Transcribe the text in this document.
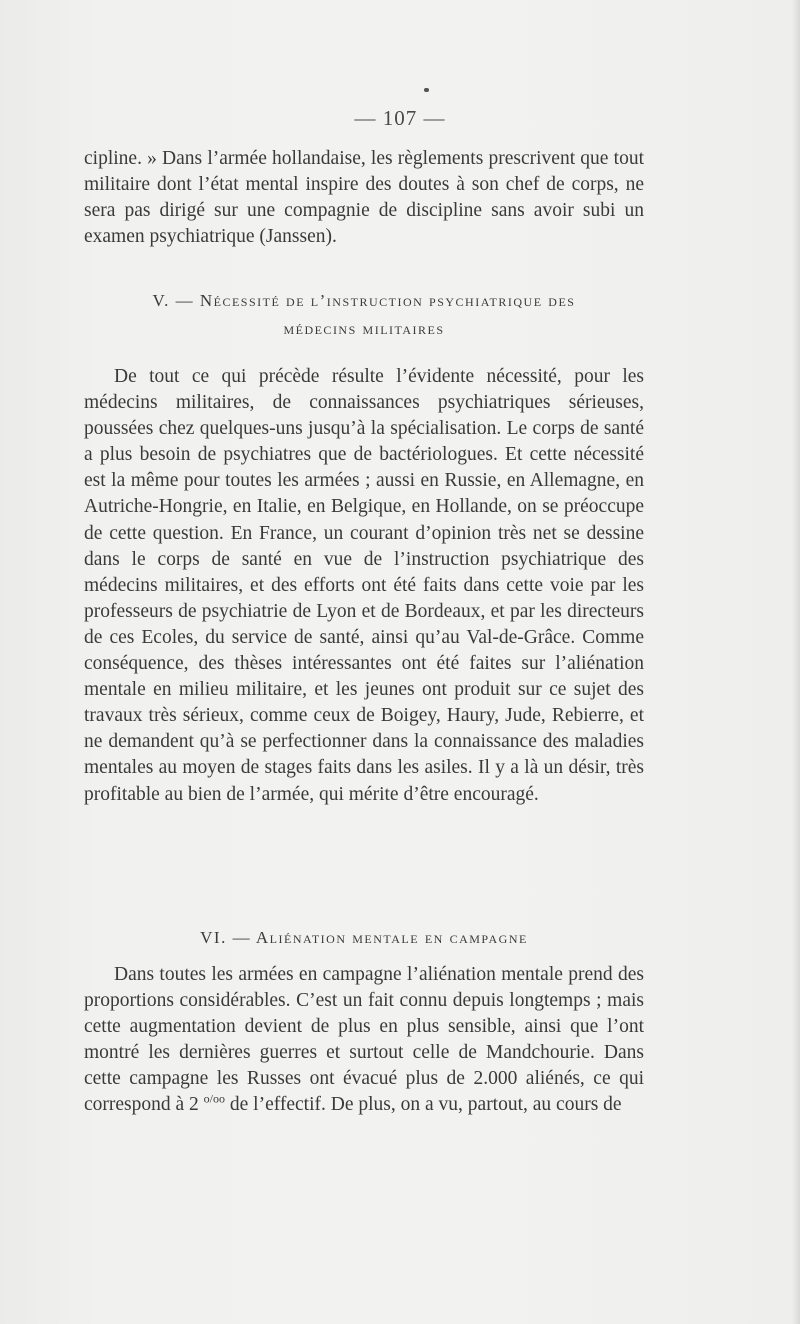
— 107 —

cipline. » Dans l’armée hollandaise, les règlements prescrivent que tout militaire dont l’état mental inspire des doutes à son chef de corps, ne sera pas dirigé sur une compagnie de discipline sans avoir subi un examen psychiatrique (Janssen).

V. — Nécessité de l’instruction psychiatrique des
médecins militaires

De tout ce qui précède résulte l’évidente nécessité, pour les médecins militaires, de connaissances psychiatriques sérieuses, poussées chez quelques-uns jusqu’à la spécialisation. Le corps de santé a plus besoin de psychiatres que de bactériologues. Et cette nécessité est la même pour toutes les armées ; aussi en Russie, en Allemagne, en Autriche-Hongrie, en Italie, en Belgique, en Hollande, on se préoccupe de cette question. En France, un courant d’opinion très net se dessine dans le corps de santé en vue de l’instruction psychiatrique des médecins militaires, et des efforts ont été faits dans cette voie par les professeurs de psychiatrie de Lyon et de Bordeaux, et par les directeurs de ces Ecoles, du service de santé, ainsi qu’au Val-de-Grâce. Comme conséquence, des thèses intéressantes ont été faites sur l’aliénation mentale en milieu militaire, et les jeunes ont produit sur ce sujet des travaux très sérieux, comme ceux de Boigey, Haury, Jude, Rebierre, et ne demandent qu’à se perfectionner dans la connaissance des maladies mentales au moyen de stages faits dans les asiles. Il y a là un désir, très profitable au bien de l’armée, qui mérite d’être encouragé.

VI. — Aliénation mentale en campagne

Dans toutes les armées en campagne l’aliénation mentale prend des proportions considérables. C’est un fait connu depuis longtemps ; mais cette augmentation devient de plus en plus sensible, ainsi que l’ont montré les dernières guerres et surtout celle de Mandchourie. Dans cette campagne les Russes ont évacué plus de 2.000 aliénés, ce qui correspond à 2 $^{o/oo}$ de l’effectif. De plus, on a vu, partout, au cours de
